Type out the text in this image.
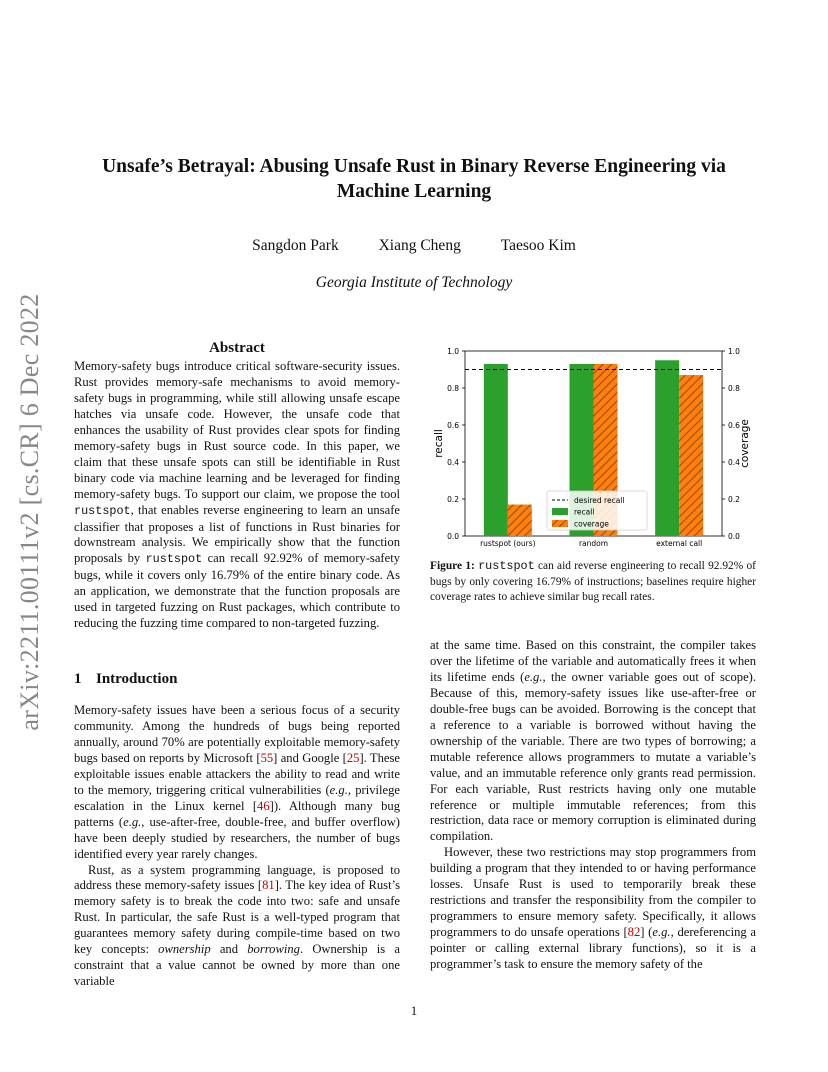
Unsafe’s Betrayal: Abusing Unsafe Rust in Binary Reverse Engineering via
Machine Learning
Sangdon Park	Xiang Cheng	Taesoo Kim
Georgia Institute of Technology
arXiv:2211.00111v2 [cs.CR] 6 Dec 2022	Abstract

Memory-safety bugs introduce critical software-security issues. Rust provides memory-safe mechanisms to avoid memory-safety bugs in programming, while still allowing unsafe escape hatches via unsafe code. However, the unsafe code that enhances the usability of Rust provides clear spots for finding memory-safety bugs in Rust source code. In this paper, we claim that these unsafe spots can still be identifiable in Rust binary code via machine learning and be leveraged for finding memory-safety bugs. To support our claim, we propose the tool rustspot, that enables reverse engineering to learn an unsafe classifier that proposes a list of functions in Rust binaries for downstream analysis. We empirically show that the function proposals by rustspot can recall 92.92% of memory-safety bugs, while it covers only 16.79% of the entire binary code. As an application, we demonstrate that the function proposals are used in targeted fuzzing on Rust packages, which contribute to reducing the fuzzing time compared to non-targeted fuzzing.

1 Introduction

Memory-safety issues have been a serious focus of a security community. Among the hundreds of bugs being reported annually, around 70% are potentially exploitable memory-safety bugs based on reports by Microsoft [55] and Google [25]. These exploitable issues enable attackers the ability to read and write to the memory, triggering critical vulnerabilities (e.g., privilege escalation in the Linux kernel [46]). Although many bug patterns (e.g., use-after-free, double-free, and buffer overflow) have been deeply studied by researchers, the number of bugs identified every year rarely changes.

Rust, as a system programming language, is proposed to address these memory-safety issues [81]. The key idea of Rust’s memory safety is to break the code into two: safe and unsafe Rust. In particular, the safe Rust is a well-typed program that guarantees memory safety during compile-time based on two key concepts: ownership and borrowing. Ownership is a constraint that a value cannot be owned by more than one variable

at the same time. Based on this constraint, the compiler takes over the lifetime of the variable and automatically frees it when its lifetime ends (e.g., the owner variable goes out of scope). Because of this, memory-safety issues like use-after-free or double-free bugs can be avoided. Borrowing is the concept that a reference to a variable is borrowed without having the ownership of the variable. There are two types of borrowing; a mutable reference allows programmers to mutate a variable’s value, and an immutable reference only grants read permission. For each variable, Rust restricts having only one mutable reference or multiple immutable references; from this restriction, data race or memory corruption is eliminated during compilation.

However, these two restrictions may stop programmers from building a program that they intended to or having performance losses. Unsafe Rust is used to temporarily break these restrictions and transfer the responsibility from the compiler to programmers to ensure memory safety. Specifically, it allows programmers to do unsafe operations [82] (e.g., dereferencing a pointer or calling external library functions), so it is a programmer’s task to ensure the memory safety of the

0.0	0.0
0.2	0.2
0.4	0.4
0.6	0.6
0.8	0.8
1.0	1.0
recall	coverage
rustspot (ours)	random	external call
desired recall
recall
coverage
Figure 1: rustspot can aid reverse engineering to recall 92.92% of bugs by only covering 16.79% of instructions; baselines require higher coverage rates to achieve similar bug recall rates.
1
